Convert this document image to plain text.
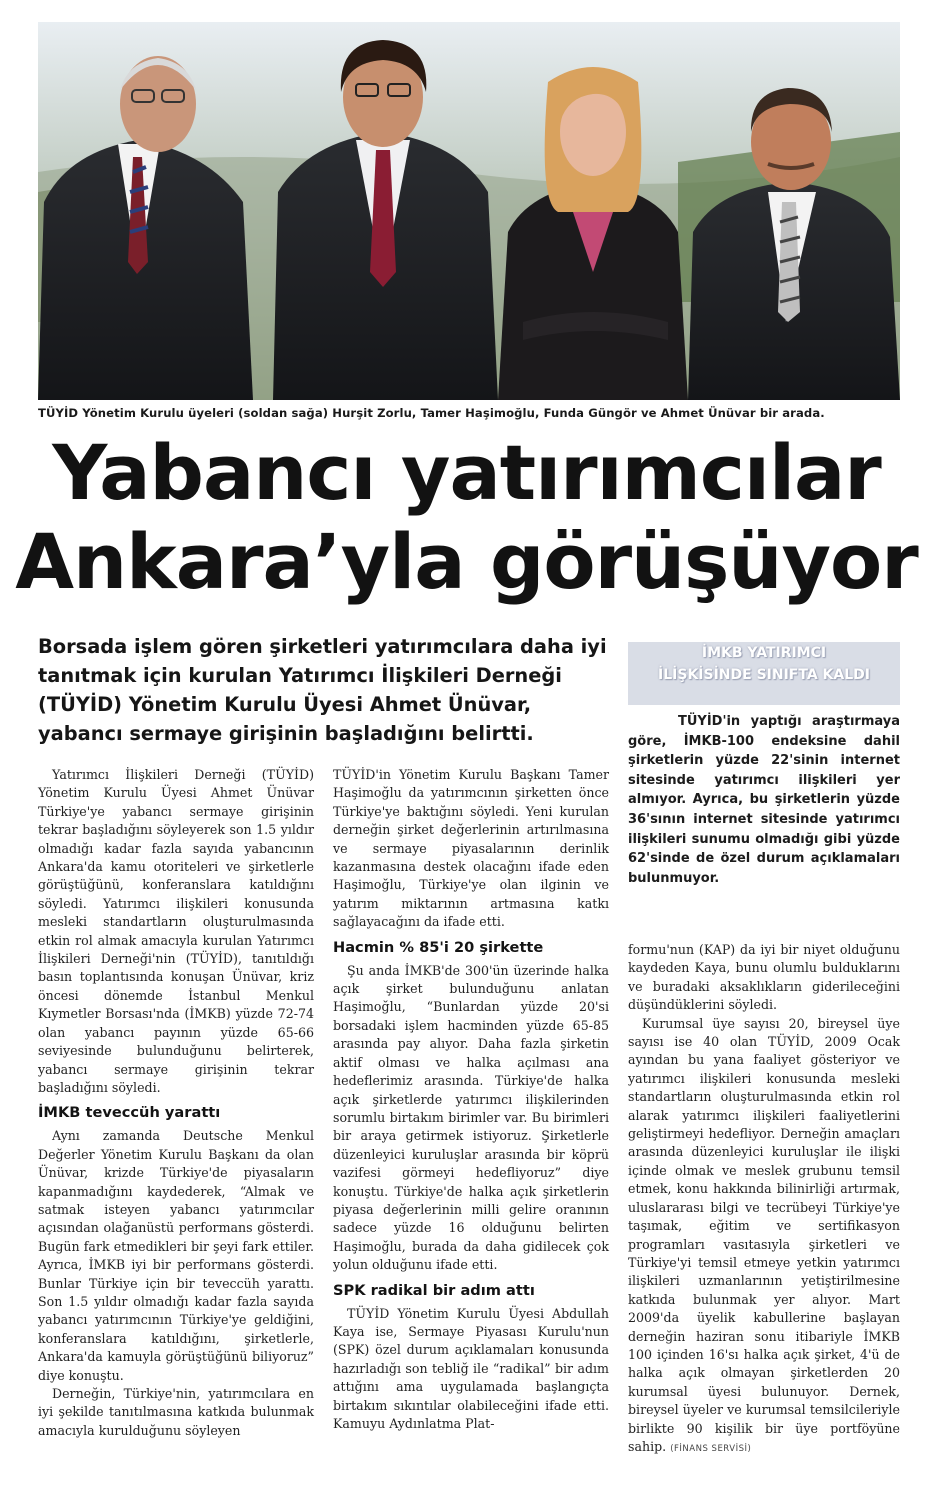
TÜYİD Yönetim Kurulu üyeleri (soldan sağa) Hurşit Zorlu, Tamer Haşimoğlu, Funda Güngör ve Ahmet Ünüvar bir arada.
Yabancı yatırımcılar
Ankara’yla görüşüyor
Borsada işlem gören şirketleri yatırımcılara daha iyi tanıtmak için kurulan Yatırımcı İlişkileri Derneği (TÜYİD) Yönetim Kurulu Üyesi Ahmet Ünüvar, yabancı sermaye girişinin başladığını belirtti.
İMKB YATIRIMCI
İLİŞKİSİNDE SINIFTA KALDI

TÜYİD'in yaptığı araştırmaya göre, İMKB-100 endeksine dahil şirketlerin yüzde 22'sinin internet sitesinde yatırımcı ilişkileri yer almıyor. Ayrıca, bu şirketlerin yüzde 36'sının internet sitesinde yatırımcı ilişkileri sunumu olmadığı gibi yüzde 62'sinde de özel durum açıklamaları bulunmuyor.

Yatırımcı İlişkileri Derneği (TÜYİD) Yönetim Kurulu Üyesi Ahmet Ünüvar Türkiye'ye yabancı sermaye girişinin tekrar başladığını söyleyerek son 1.5 yıldır olmadığı kadar fazla sayıda yabancının Ankara'da kamu otoriteleri ve şirketlerle görüştüğünü, konferanslara katıldığını söyledi. Yatırımcı ilişkileri konusunda mesleki standartların oluşturulmasında etkin rol almak amacıyla kurulan Yatırımcı İlişkileri Derneği'nin (TÜYİD), tanıtıldığı basın toplantısında konuşan Ünüvar, kriz öncesi dönemde İstanbul Menkul Kıymetler Borsası'nda (İMKB) yüzde 72-74 olan yabancı payının yüzde 65-66 seviyesinde bulunduğunu belirterek, yabancı sermaye girişinin tekrar başladığını söyledi.

İMKB teveccüh yarattı

Aynı zamanda Deutsche Menkul Değerler Yönetim Kurulu Başkanı da olan Ünüvar, krizde Türkiye'de piyasaların kapanmadığını kaydederek, “Almak ve satmak isteyen yabancı yatırımcılar açısından olağanüstü performans gösterdi. Bugün fark etmedikleri bir şeyi fark ettiler. Ayrıca, İMKB iyi bir performans gösterdi. Bunlar Türkiye için bir teveccüh yarattı. Son 1.5 yıldır olmadığı kadar fazla sayıda yabancı yatırımcının Türkiye'ye geldiğini, konferanslara katıldığını, şirketlerle, Ankara'da kamuyla görüştüğünü biliyoruz” diye konuştu.

Derneğin, Türkiye'nin, yatırımcılara en iyi şekilde tanıtılmasına katkıda bulunmak amacıyla kurulduğunu söyleyen

TÜYİD'in Yönetim Kurulu Başkanı Tamer Haşimoğlu da yatırımcının şirketten önce Türkiye'ye baktığını söyledi. Yeni kurulan derneğin şirket değerlerinin artırılmasına ve sermaye piyasalarının derinlik kazanmasına destek olacağını ifade eden Haşimoğlu, Türkiye'ye olan ilginin ve yatırım miktarının artmasına katkı sağlayacağını da ifade etti.

Hacmin % 85'i 20 şirkette

Şu anda İMKB'de 300'ün üzerinde halka açık şirket bulunduğunu anlatan Haşimoğlu, “Bunlardan yüzde 20'si borsadaki işlem hacminden yüzde 65-85 arasında pay alıyor. Daha fazla şirketin aktif olması ve halka açılması ana hedeflerimiz arasında. Türkiye'de halka açık şirketlerde yatırımcı ilişkilerinden sorumlu birtakım birimler var. Bu birimleri bir araya getirmek istiyoruz. Şirketlerle düzenleyici kuruluşlar arasında bir köprü vazifesi görmeyi hedefliyoruz” diye konuştu. Türkiye'de halka açık şirketlerin piyasa değerlerinin milli gelire oranının sadece yüzde 16 olduğunu belirten Haşimoğlu, burada da daha gidilecek çok yolun olduğunu ifade etti.

SPK radikal bir adım attı

TÜYİD Yönetim Kurulu Üyesi Abdullah Kaya ise, Sermaye Piyasası Kurulu'nun (SPK) özel durum açıklamaları konusunda hazırladığı son tebliğ ile “radikal” bir adım attığını ama uygulamada başlangıçta birtakım sıkıntılar olabileceğini ifade etti. Kamuyu Aydınlatma Plat-

formu'nun (KAP) da iyi bir niyet olduğunu kaydeden Kaya, bunu olumlu bulduklarını ve buradaki aksaklıkların giderileceğini düşündüklerini söyledi.

Kurumsal üye sayısı 20, bireysel üye sayısı ise 40 olan TÜYİD, 2009 Ocak ayından bu yana faaliyet gösteriyor ve yatırımcı ilişkileri konusunda mesleki standartların oluşturulmasında etkin rol alarak yatırımcı ilişkileri faaliyetlerini geliştirmeyi hedefliyor. Derneğin amaçları arasında düzenleyici kuruluşlar ile ilişki içinde olmak ve meslek grubunu temsil etmek, konu hakkında bilinirliği artırmak, uluslararası bilgi ve tecrübeyi Türkiye'ye taşımak, eğitim ve sertifikasyon programları vasıtasıyla şirketleri ve Türkiye'yi temsil etmeye yetkin yatırımcı ilişkileri uzmanlarının yetiştirilmesine katkıda bulunmak yer alıyor. Mart 2009'da üyelik kabullerine başlayan derneğin haziran sonu itibariyle İMKB 100 içinden 16'sı halka açık şirket, 4'ü de halka açık olmayan şirketlerden 20 kurumsal üyesi bulunuyor. Dernek, bireysel üyeler ve kurumsal temsilcileriyle birlikte 90 kişilik bir üye portföyüne sahip. (FİNANS SERVİSİ)
